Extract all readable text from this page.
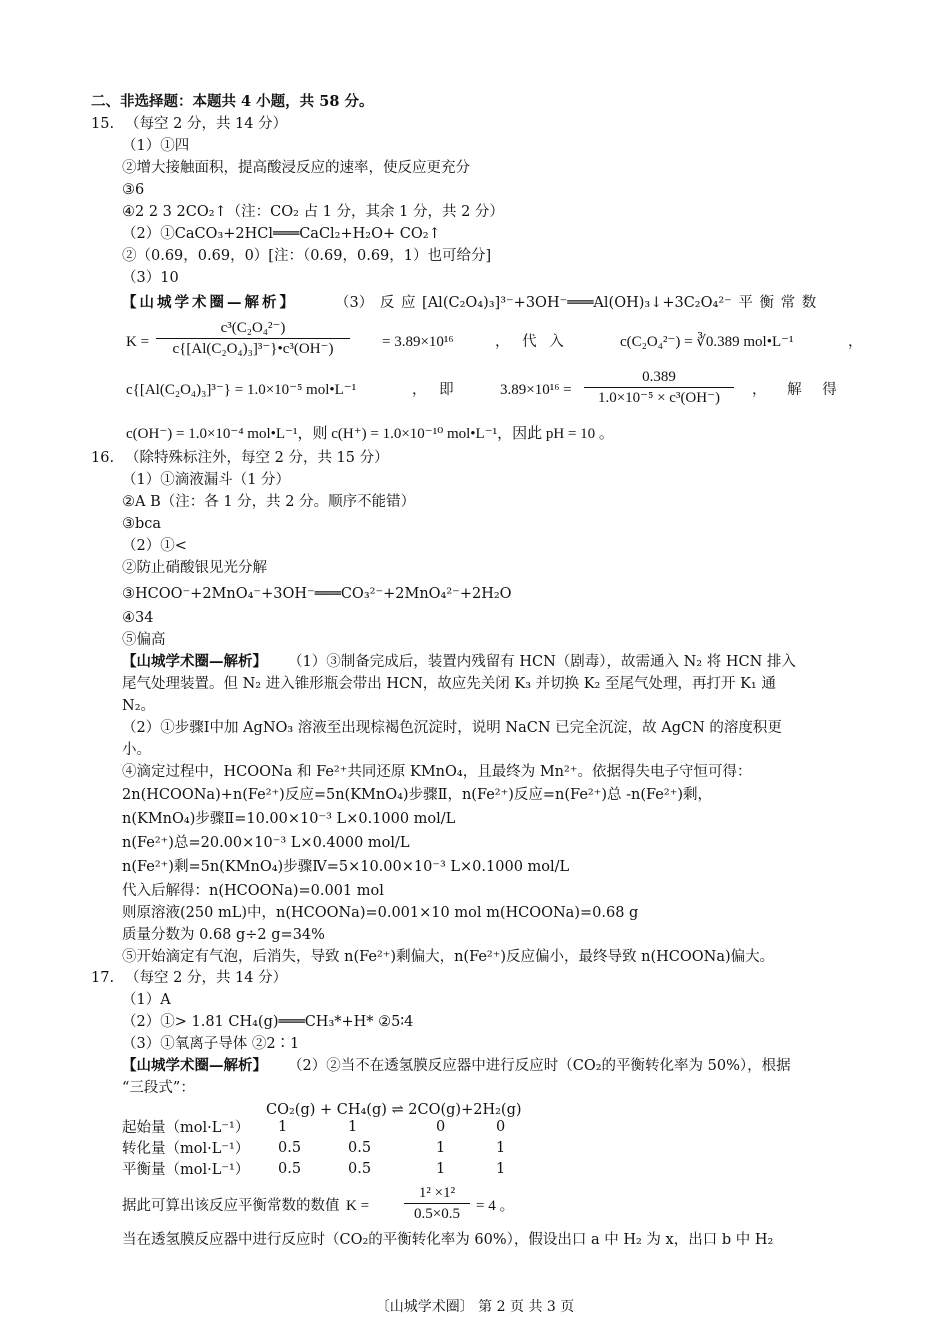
二、非选择题：本题共 4 小题，共 58 分。
15. （每空 2 分，共 14 分）
（1）①四
②增大接触面积，提高酸浸反应的速率，使反应更充分
③6
④2 2 3 2CO₂↑（注：CO₂ 占 1 分，其余 1 分，共 2 分）
（2）①CaCO₃+2HCl═══CaCl₂+H₂O+ CO₂↑
②（0.69，0.69，0）[注：（0.69，0.69，1）也可给分]
（3）10
【山城学术圈—解析】	（3） 反 应 [Al(C₂O₄)₃]³⁻+3OH⁻═══Al(OH)₃↓+3C₂O₄²⁻ 平 衡 常 数
$K = \frac{\text{c³(C₂O₄²⁻)}}{\text{c\{[Al(C₂O₄)₃]³⁻\}•c³(OH⁻)}} = 3.89\times 10^{16}$	， 代 入	c(C₂O₄²⁻) = ∛0.389 mol•L⁻¹	，
c{[Al(C₂O₄)₃]³⁻} = 1.0×10⁻⁵ mol•L⁻¹	， 即	$3.89\times 10^{16} = \frac{0.389}{\text{1.0×10⁻⁵ × c³(OH⁻)}}$ ， 解 得
c(OH⁻) = 1.0×10⁻⁴ mol•L⁻¹，则 c(H⁺) = 1.0×10⁻¹⁰ mol•L⁻¹，因此 pH = 10 。
16. （除特殊标注外，每空 2 分，共 15 分）
（1）①滴液漏斗（1 分）
②A B（注：各 1 分，共 2 分。顺序不能错）
③bca
（2）①<
②防止硝酸银见光分解
③HCOO⁻+2MnO₄⁻+3OH⁻═══CO₃²⁻+2MnO₄²⁻+2H₂O
④34
⑤偏高
【山城学术圈—解析】 （1）③制备完成后，装置内残留有 HCN（剧毒），故需通入 N₂ 将 HCN 排入
尾气处理装置。但 N₂ 进入锥形瓶会带出 HCN，故应先关闭 K₃ 并切换 K₂ 至尾气处理，再打开 K₁ 通
N₂。
（2）①步骤Ⅰ中加 AgNO₃ 溶液至出现棕褐色沉淀时，说明 NaCN 已完全沉淀，故 AgCN 的溶度积更
小。
④滴定过程中，HCOONa 和 Fe²⁺共同还原 KMnO₄，且最终为 Mn²⁺。依据得失电子守恒可得：
2n(HCOONa)+n(Fe²⁺)反应=5n(KMnO₄)步骤Ⅱ，n(Fe²⁺)反应=n(Fe²⁺)总 -n(Fe²⁺)剩，
n(KMnO₄)步骤Ⅱ=10.00×10⁻³ L×0.1000 mol/L
n(Fe²⁺)总=20.00×10⁻³ L×0.4000 mol/L
n(Fe²⁺)剩=5n(KMnO₄)步骤Ⅳ=5×10.00×10⁻³ L×0.1000 mol/L
代入后解得：n(HCOONa)=0.001 mol
则原溶液(250 mL)中，n(HCOONa)=0.001×10 mol m(HCOONa)=0.68 g
质量分数为 0.68 g÷2 g=34%
⑤开始滴定有气泡，后消失，导致 n(Fe²⁺)剩偏大，n(Fe²⁺)反应偏小，最终导致 n(HCOONa)偏大。
17. （每空 2 分，共 14 分）
（1）A
（2）①> 1.81 CH₄(g)═══CH₃*+H* ②5∶4
（3）①氧离子导体 ②2∶1
【山城学术圈—解析】 （2）②当不在透氢膜反应器中进行反应时（CO₂的平衡转化率为 50%），根据
“三段式”：
CO₂(g) + CH₄(g) ⇌ 2CO(g)+2H₂(g)
起始量（mol·L⁻¹）	1	1	0	0
转化量（mol·L⁻¹）	0.5	0.5	1	1
平衡量（mol·L⁻¹）	0.5	0.5	1	1
据此可算出该反应平衡常数的数值 $K = \frac{\text{1² ×1²}}{0.5\times 0.5} = 4$ 。
当在透氢膜反应器中进行反应时（CO₂的平衡转化率为 60%），假设出口 a 中 H₂ 为 x，出口 b 中 H₂
〔山城学术圈〕 第 2 页 共 3 页
